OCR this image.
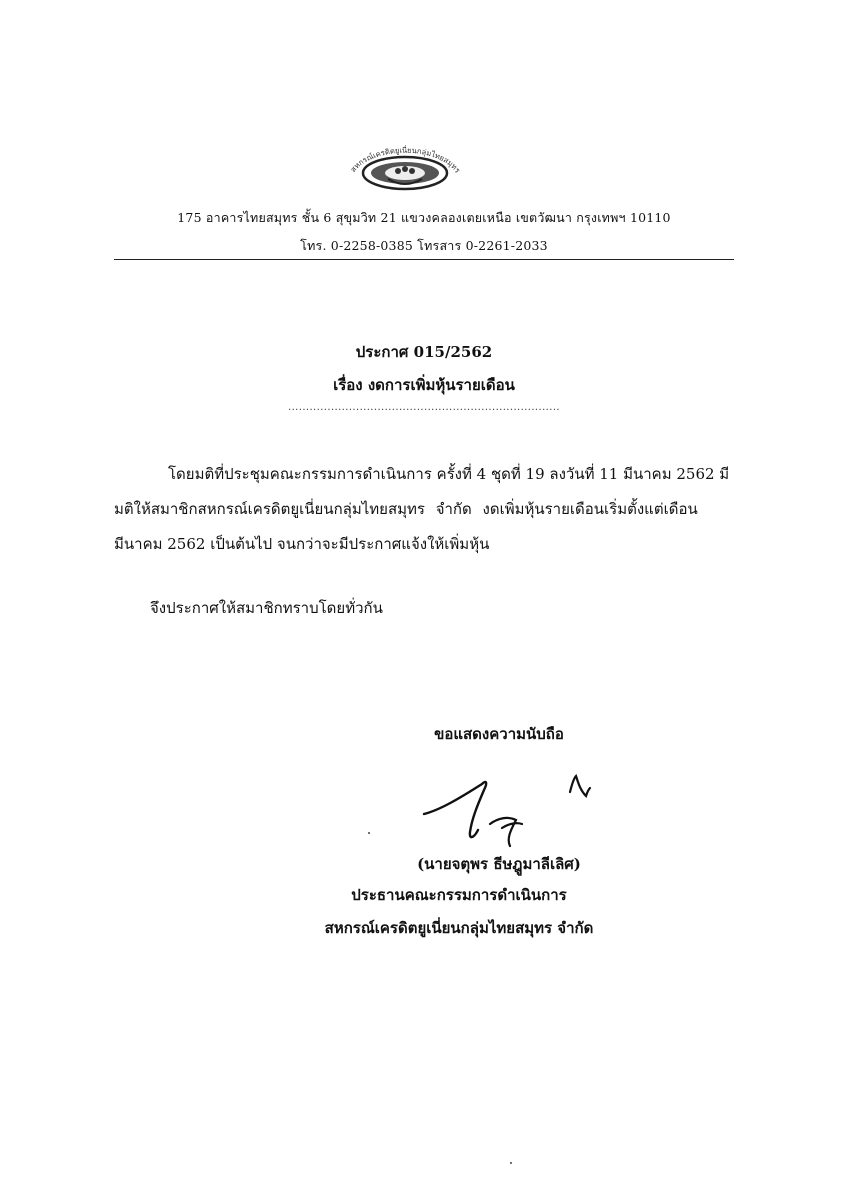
สหกรณ์เครดิตยูเนี่ยนกลุ่มไทยสมุทร
175 อาคารไทยสมุทร ชั้น 6 สุขุมวิท 21 แขวงคลองเตยเหนือ เขตวัฒนา กรุงเทพฯ 10110
โทร. 0-2258-0385 โทรสาร 0-2261-2033
ประกาศ 015/2562
เรื่อง งดการเพิ่มหุ้นรายเดือน
............................................................................
โดยมติที่ประชุมคณะกรรมการดำเนินการ ครั้งที่ 4 ชุดที่ 19 ลงวันที่ 11 มีนาคม 2562 มี
มติให้สมาชิกสหกรณ์เครดิตยูเนี่ยนกลุ่มไทยสมุทร จำกัด งดเพิ่มหุ้นรายเดือนเริ่มตั้งแต่เดือน
มีนาคม 2562 เป็นต้นไป จนกว่าจะมีประกาศแจ้งให้เพิ่มหุ้น
จึงประกาศให้สมาชิกทราบโดยทั่วกัน
ขอแสดงความนับถือ
(นายจตุพร ธีษฎูมาลีเลิศ)
ประธานคณะกรรมการดำเนินการ
สหกรณ์เครดิตยูเนี่ยนกลุ่มไทยสมุทร จำกัด
